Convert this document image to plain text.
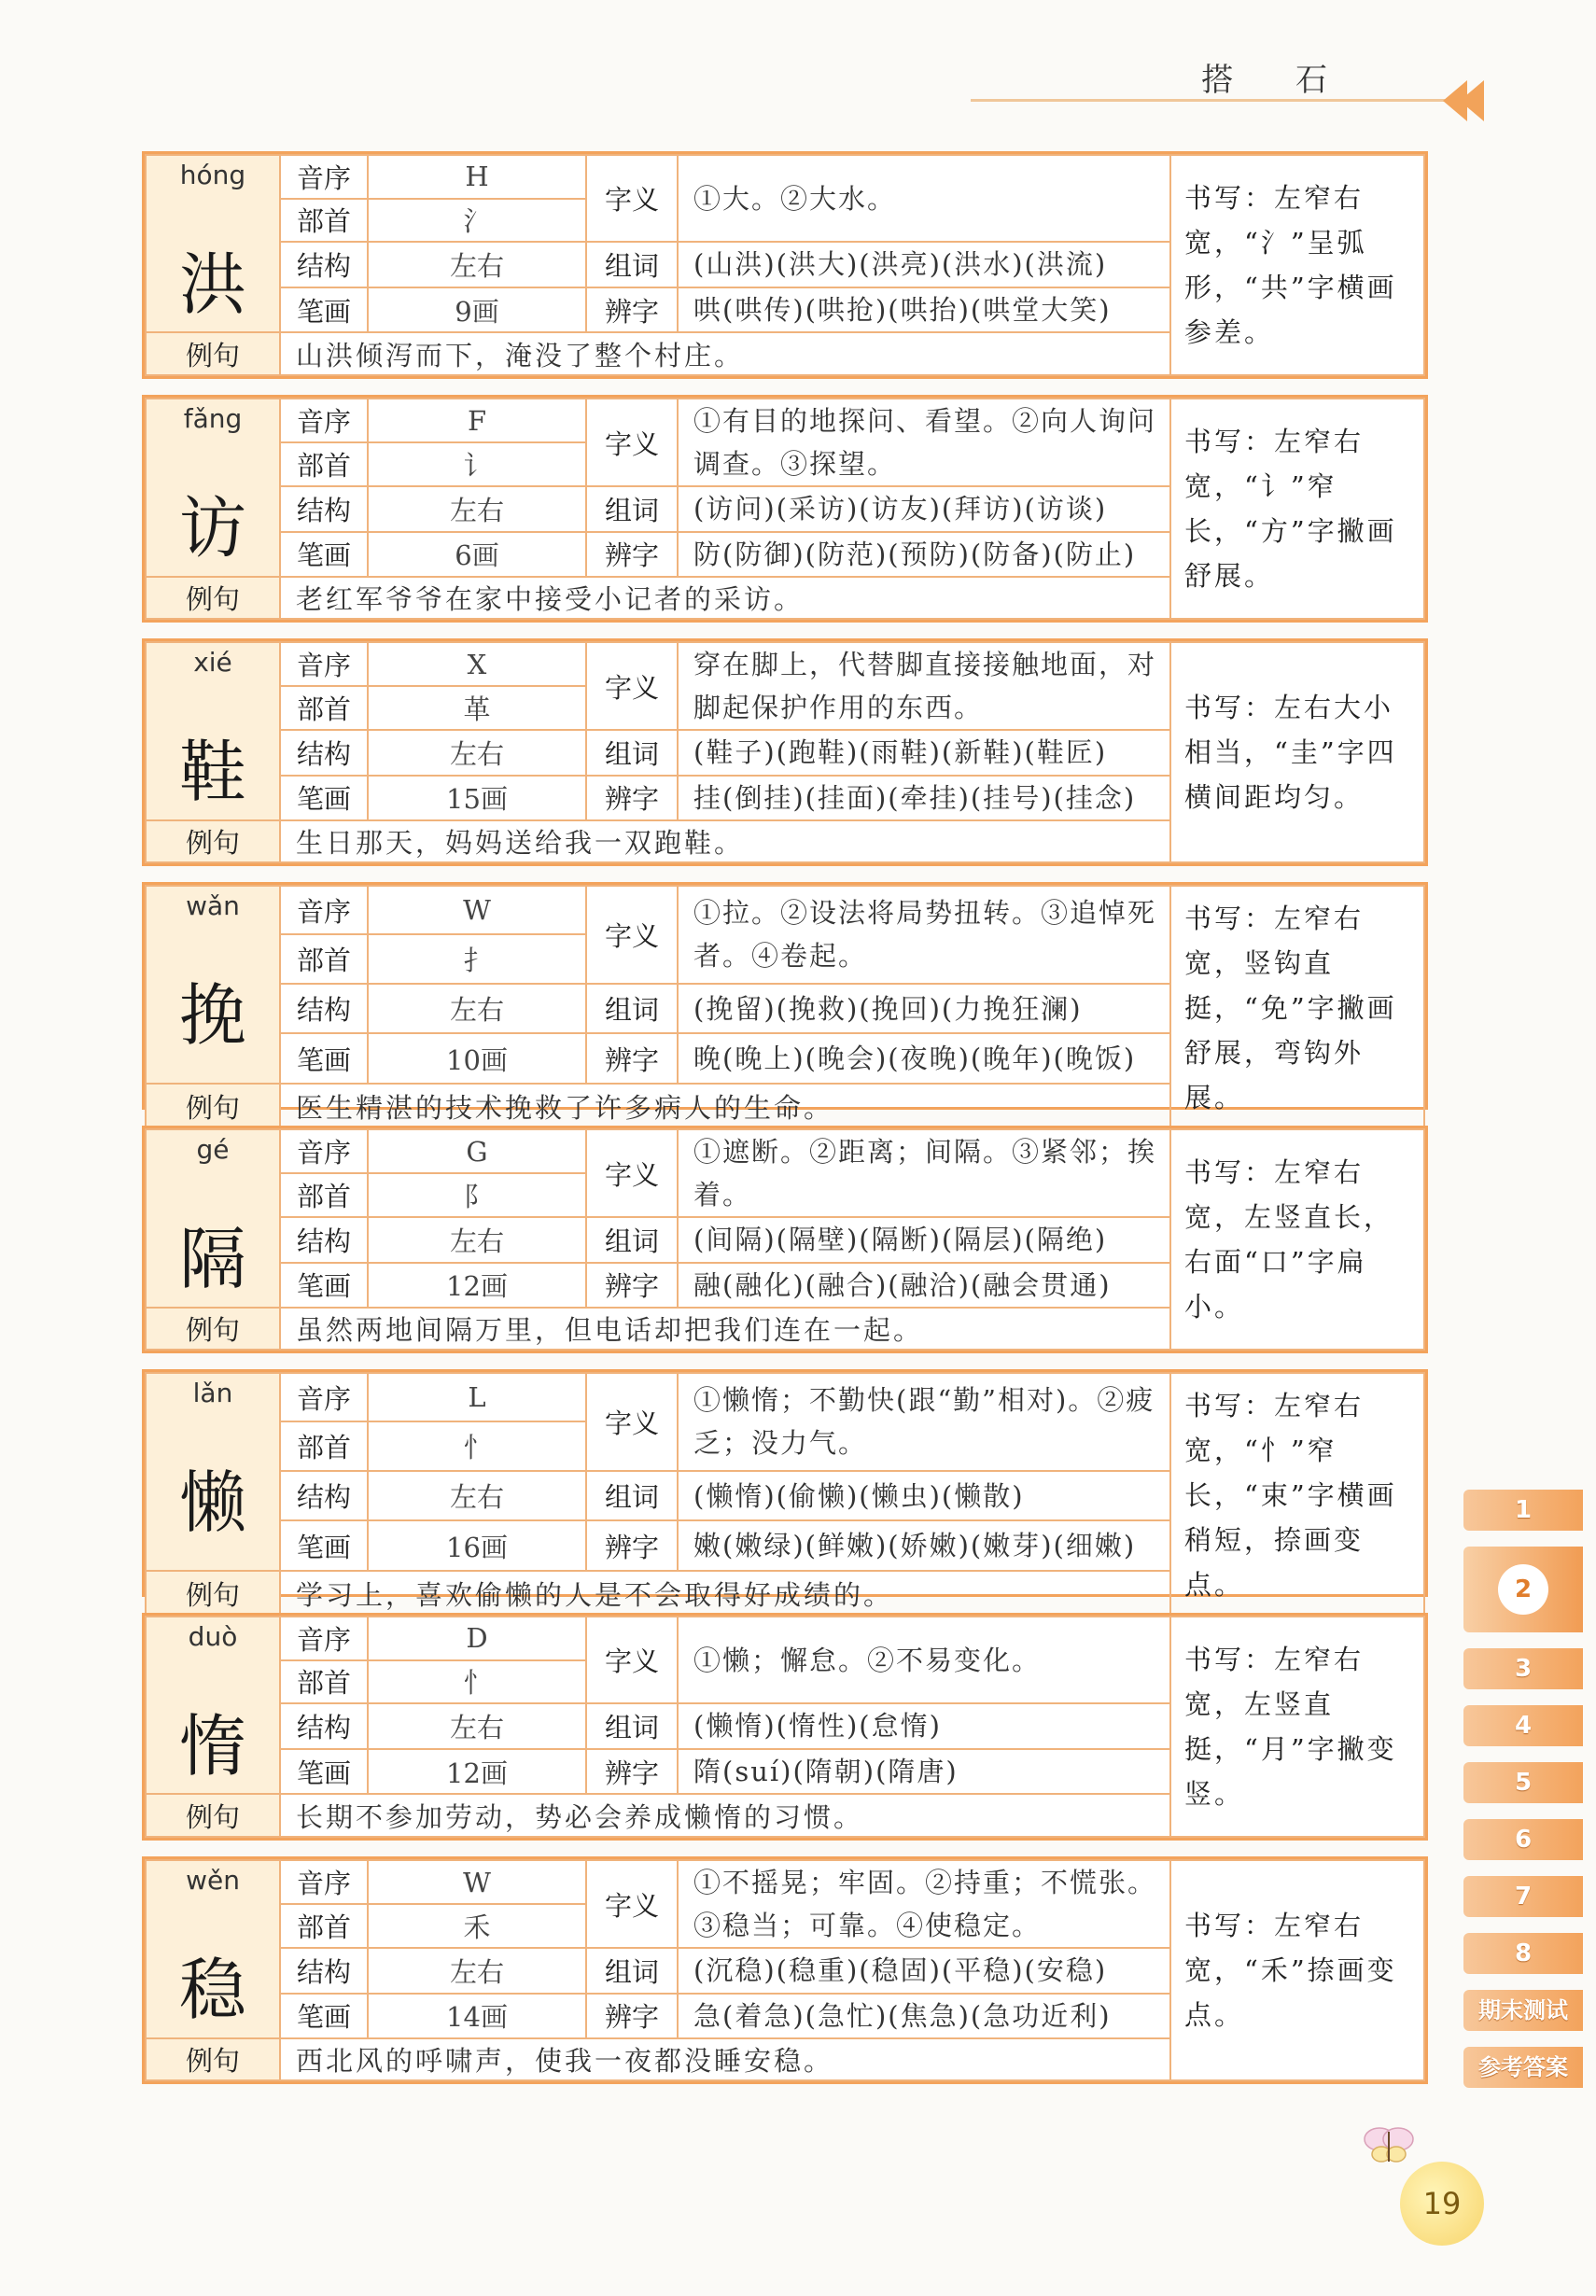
搭 石
hóng
洪	音序	H	字义	①大。②大水。	书写：左窄右宽，“氵”呈弧形，“共”字横画参差。
	部首	氵			
	结构	左右	组词	(山洪)(洪大)(洪亮)(洪水)(洪流)	
	笔画	9画	辨字	哄(哄传)(哄抢)(哄抬)(哄堂大笑)	
例句	山洪倾泻而下，淹没了整个村庄。				
fǎng
访	音序	F	字义	①有目的地探问、看望。②向人询问调查。③探望。	书写：左窄右宽，“讠”窄长，“方”字撇画舒展。
	部首	讠			
	结构	左右	组词	(访问)(采访)(访友)(拜访)(访谈)	
	笔画	6画	辨字	防(防御)(防范)(预防)(防备)(防止)	
例句	老红军爷爷在家中接受小记者的采访。				
xié
鞋	音序	X	字义	穿在脚上，代替脚直接接触地面，对脚起保护作用的东西。	书写：左右大小相当，“圭”字四横间距均匀。
	部首	革			
	结构	左右	组词	(鞋子)(跑鞋)(雨鞋)(新鞋)(鞋匠)	
	笔画	15画	辨字	挂(倒挂)(挂面)(牵挂)(挂号)(挂念)	
例句	生日那天，妈妈送给我一双跑鞋。				
wǎn
挽	音序	W	字义	①拉。②设法将局势扭转。③追悼死者。④卷起。	书写：左窄右宽，竖钩直挺，“免”字撇画舒展，弯钩外展。
	部首	扌			
	结构	左右	组词	(挽留)(挽救)(挽回)(力挽狂澜)	
	笔画	10画	辨字	晚(晚上)(晚会)(夜晚)(晚年)(晚饭)	
例句	医生精湛的技术挽救了许多病人的生命。				
gé
隔	音序	G	字义	①遮断。②距离；间隔。③紧邻；挨着。	书写：左窄右宽，左竖直长，右面“口”字扁小。
	部首	阝			
	结构	左右	组词	(间隔)(隔壁)(隔断)(隔层)(隔绝)	
	笔画	12画	辨字	融(融化)(融合)(融洽)(融会贯通)	
例句	虽然两地间隔万里，但电话却把我们连在一起。				
lǎn
懒	音序	L	字义	①懒惰；不勤快(跟“勤”相对)。②疲乏；没力气。	书写：左窄右宽，“忄”窄长，“束”字横画稍短，捺画变点。
	部首	忄			
	结构	左右	组词	(懒惰)(偷懒)(懒虫)(懒散)	
	笔画	16画	辨字	嫩(嫩绿)(鲜嫩)(娇嫩)(嫩芽)(细嫩)	
例句	学习上，喜欢偷懒的人是不会取得好成绩的。				
duò
惰	音序	D	字义	①懒；懈怠。②不易变化。	书写：左窄右宽，左竖直挺，“月”字撇变竖。
	部首	忄			
	结构	左右	组词	(懒惰)(惰性)(怠惰)	
	笔画	12画	辨字	隋(suí)(隋朝)(隋唐)	
例句	长期不参加劳动，势必会养成懒惰的习惯。				
wěn
稳	音序	W	字义	①不摇晃；牢固。②持重；不慌张。③稳当；可靠。④使稳定。	书写：左窄右宽，“禾”捺画变点。
	部首	禾			
	结构	左右	组词	(沉稳)(稳重)(稳固)(平稳)(安稳)	
	笔画	14画	辨字	急(着急)(急忙)(焦急)(急功近利)	
例句	西北风的呼啸声，使我一夜都没睡安稳。				
1
2
3
4
5
6
7
8
期末测试
参考答案
19
